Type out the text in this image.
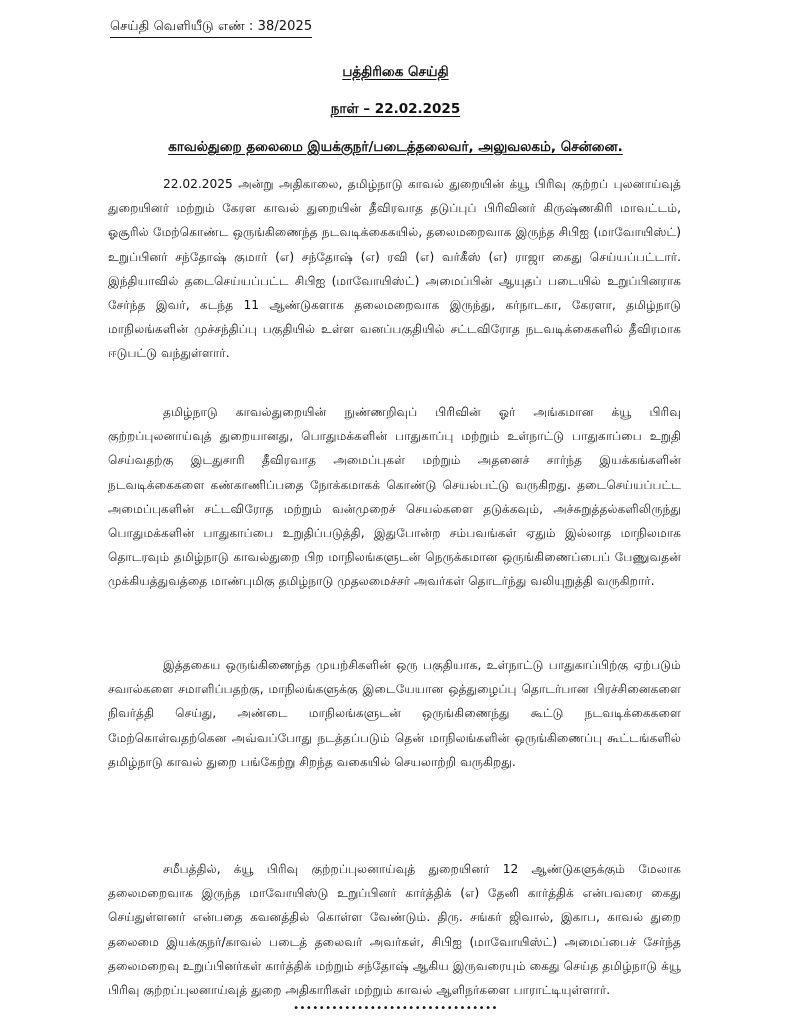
செய்தி வெளியீடு எண் : 38/2025
பத்திரிகை செய்தி
நாள் – 22.02.2025
காவல்துறை தலைமை இயக்குநர்/படைத்தலைவர், அலுவலகம், சென்னை.

22.02.2025 அன்று அதிகாலை, தமிழ்நாடு காவல் துறையின் க்யூ பிரிவு குற்றப் புலனாய்வுத் துறையினர் மற்றும் கேரள காவல் துறையின் தீவிரவாத தடுப்புப் பிரிவினர் கிருஷ்ணகிரி மாவட்டம், ஓசூரில் மேற்கொண்ட ஒருங்கிணைந்த நடவடிக்கைகயில், தலைமறைவாக இருந்த சிபிஐ (மாவோயிஸ்ட்) உறுப்பினர் சந்தோஷ் குமார் (எ) சந்தோஷ் (எ) ரவி (எ) வர்கீஸ் (எ) ராஜா கைது செய்யப்பட்டார். இந்தியாவில் தடைசெய்யப்பட்ட சிபிஐ (மாவோயிஸ்ட்) அமைப்பின் ஆயுதப் படையில் உறுப்பினராக சேர்ந்த இவர், கடந்த 11 ஆண்டுகளாக தலைமறைவாக இருந்து, கர்நாடகா, கேரளா, தமிழ்நாடு மாநிலங்களின் முச்சந்திப்பு பகுதியில் உள்ள வனப்பகுதியில் சட்டவிரோத நடவடிக்கைகளில் தீவிரமாக ஈடுபட்டு வந்துள்ளார்.

தமிழ்நாடு காவல்துறையின் நுண்ணறிவுப் பிரிவின் ஓர் அங்கமான க்யூ பிரிவு குற்றப்புலனாய்வுத் துறையானது, பொதுமக்களின் பாதுகாப்பு மற்றும் உள்நாட்டு பாதுகாப்பை உறுதி செய்வதற்கு இடதுசாரி தீவிரவாத அமைப்புகள் மற்றும் அதனைச் சார்ந்த இயக்கங்களின் நடவடிக்கைகளை கண்காணிப்பதை நோக்கமாகக் கொண்டு செயல்பட்டு வருகிறது. தடைசெய்யப்பட்ட அமைப்புகளின் சட்டவிரோத மற்றும் வன்முறைச் செயல்களை தடுக்கவும், அச்சுறுத்தல்களிலிருந்து பொதுமக்களின் பாதுகாப்பை உறுதிப்படுத்தி, இதுபோன்ற சம்பவங்கள் ஏதும் இல்லாத மாநிலமாக தொடரவும் தமிழ்நாடு காவல்துறை பிற மாநிலங்களுடன் நெருக்கமான ஒருங்கிணைப்பைப் பேணுவதன் முக்கியத்துவத்தை மாண்புமிகு தமிழ்நாடு முதலமைச்சர் அவர்கள் தொடர்ந்து வலியுறுத்தி வருகிறார்.

இத்தகைய ஒருங்கிணைந்த முயற்சிகளின் ஒரு பகுதியாக, உள்நாட்டு பாதுகாப்பிற்கு ஏற்படும் சவால்களை சமாளிப்பதற்கு, மாநிலங்களுக்கு இடையேயான ஒத்துழைப்பு தொடர்பான பிரச்சினைகளை நிவர்த்தி செய்து, அண்டை மாநிலங்களுடன் ஒருங்கிணைந்து கூட்டு நடவடிக்கைகளை மேற்கொள்வதற்கென அவ்வப்போது நடத்தப்படும் தென் மாநிலங்களின் ஒருங்கிணைப்பு கூட்டங்களில் தமிழ்நாடு காவல் துறை பங்கேற்று சிறந்த வகையில் செயலாற்றி வருகிறது.

சமீபத்தில், க்யூ பிரிவு குற்றப்புலனாய்வுத் துறையினர் 12 ஆண்டுகளுக்கும் மேலாக தலைமறைவாக இருந்த மாவோயிஸ்டு உறுப்பினர் கார்த்திக் (எ) தேனி கார்த்திக் என்பவரை கைது செய்துள்ளனர் என்பதை கவனத்தில் கொள்ள வேண்டும். திரு. சங்கர் ஜிவால், இகாப, காவல் துறை தலைமை இயக்குநர்/காவல் படைத் தலைவர் அவர்கள், சிபிஐ (மாவோயிஸ்ட்) அமைப்பைச் சேர்ந்த தலைமறைவு உறுப்பினர்கள் கார்த்திக் மற்றும் சந்தோஷ் ஆகிய இருவரையும் கைது செய்த தமிழ்நாடு க்யூ பிரிவு குற்றப்புலனாய்வுத் துறை அதிகாரிகள் மற்றும் காவல் ஆளிநர்களை பாராட்டியுள்ளார்.

••••••••••••••••••••••••••••••••
